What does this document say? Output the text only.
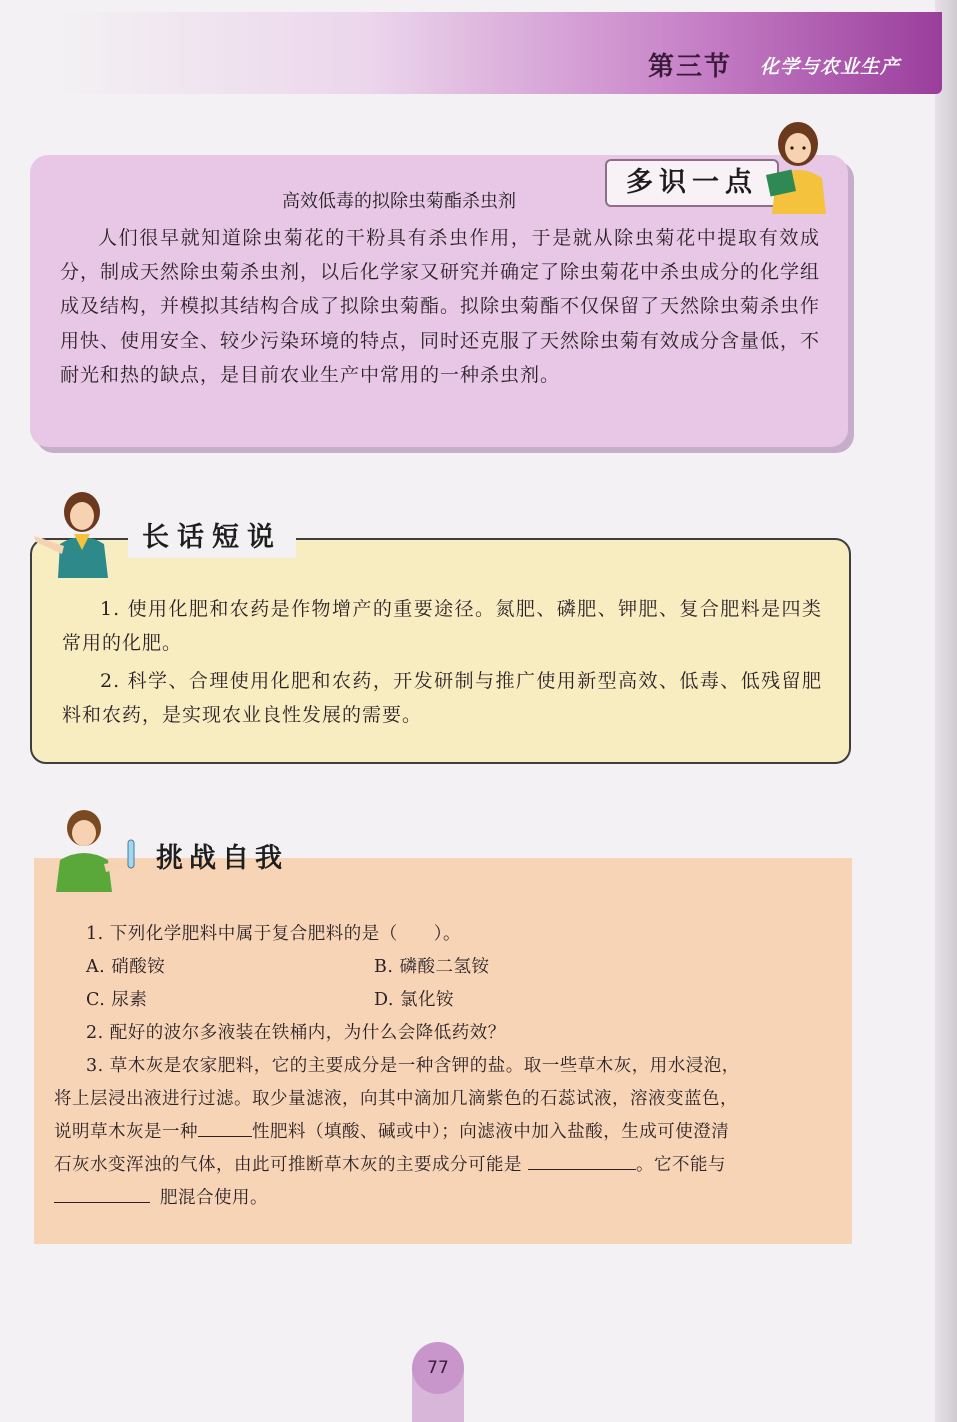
第三节 化学与农业生产
多识一点
高效低毒的拟除虫菊酯杀虫剂
人们很早就知道除虫菊花的干粉具有杀虫作用，于是就从除虫菊花中提取有效成分，制成天然除虫菊杀虫剂，以后化学家又研究并确定了除虫菊花中杀虫成分的化学组成及结构，并模拟其结构合成了拟除虫菊酯。拟除虫菊酯不仅保留了天然除虫菊杀虫作用快、使用安全、较少污染环境的特点，同时还克服了天然除虫菊有效成分含量低，不耐光和热的缺点，是目前农业生产中常用的一种杀虫剂。
长话短说
1. 使用化肥和农药是作物增产的重要途径。氮肥、磷肥、钾肥、复合肥料是四类常用的化肥。
2. 科学、合理使用化肥和农药，开发研制与推广使用新型高效、低毒、低残留肥料和农药，是实现农业良性发展的需要。
挑战自我
1. 下列化学肥料中属于复合肥料的是（ ）。
A. 硝酸铵	B. 磷酸二氢铵
C. 尿素	D. 氯化铵
2. 配好的波尔多液装在铁桶内，为什么会降低药效？
3. 草木灰是农家肥料，它的主要成分是一种含钾的盐。取一些草木灰，用水浸泡，
将上层浸出液进行过滤。取少量滤液，向其中滴加几滴紫色的石蕊试液，溶液变蓝色，
说明草木灰是一种	性肥料（填酸、碱或中）；向滤液中加入盐酸，生成可使澄清
石灰水变浑浊的气体，由此可推断草木灰的主要成分可能是	。它不能与
肥混合使用。
77
